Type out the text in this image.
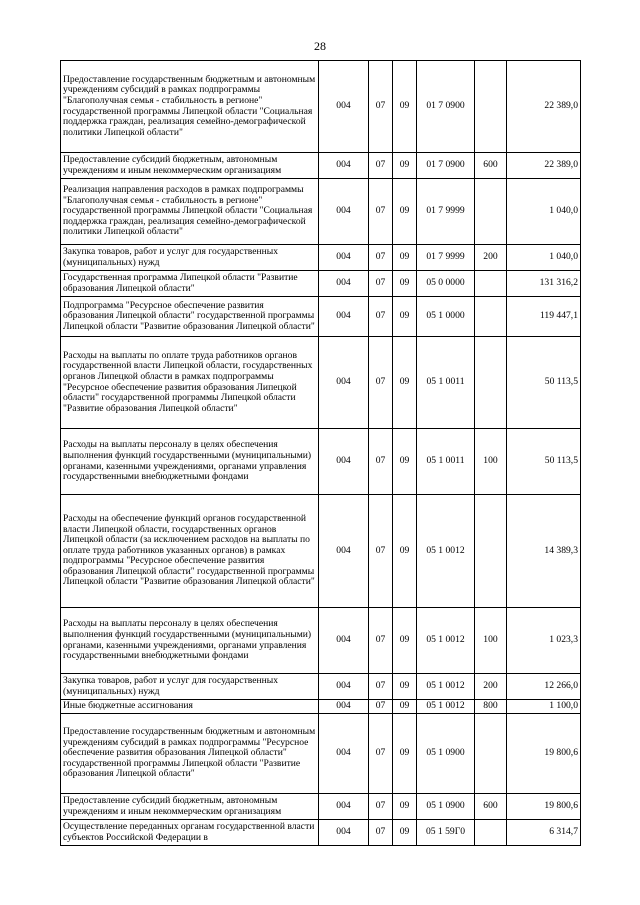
28
Предоставление государственным бюджетным и автономным учреждениям субсидий в рамках подпрограммы "Благополучная семья - стабильность в регионе" государственной программы Липецкой области "Социальная поддержка граждан, реализация семейно-демографической политики Липецкой области"	004	07	09	01 7 0900		22 389,0
Предоставление субсидий бюджетным, автономным учреждениям и иным некоммерческим организациям	004	07	09	01 7 0900	600	22 389,0
Реализация направления расходов в рамках подпрограммы "Благополучная семья - стабильность в регионе" государственной программы Липецкой области "Социальная поддержка граждан, реализация семейно-демографической политики Липецкой области"	004	07	09	01 7 9999		1 040,0
Закупка товаров, работ и услуг для государственных (муниципальных) нужд	004	07	09	01 7 9999	200	1 040,0
Государственная программа Липецкой области "Развитие образования Липецкой области"	004	07	09	05 0 0000		131 316,2
Подпрограмма "Ресурсное обеспечение развития образования Липецкой области" государственной программы Липецкой области "Развитие образования Липецкой области"	004	07	09	05 1 0000		119 447,1
Расходы на выплаты по оплате труда работников органов государственной власти Липецкой области, государственных органов Липецкой области в рамках подпрограммы "Ресурсное обеспечение развития образования Липецкой области" государственной программы Липецкой области "Развитие образования Липецкой области"	004	07	09	05 1 0011		50 113,5
Расходы на выплаты персоналу в целях обеспечения выполнения функций государственными (муниципальными) органами, казенными учреждениями, органами управления государственными внебюджетными фондами	004	07	09	05 1 0011	100	50 113,5
Расходы на обеспечение функций органов государственной власти Липецкой области, государственных органов Липецкой области (за исключением расходов на выплаты по оплате труда работников указанных органов) в рамках подпрограммы "Ресурсное обеспечение развития образования Липецкой области" государственной программы Липецкой области "Развитие образования Липецкой области"	004	07	09	05 1 0012		14 389,3
Расходы на выплаты персоналу в целях обеспечения выполнения функций государственными (муниципальными) органами, казенными учреждениями, органами управления государственными внебюджетными фондами	004	07	09	05 1 0012	100	1 023,3
Закупка товаров, работ и услуг для государственных (муниципальных) нужд	004	07	09	05 1 0012	200	12 266,0
Иные бюджетные ассигнования	004	07	09	05 1 0012	800	1 100,0
Предоставление государственным бюджетным и автономным учреждениям субсидий в рамках подпрограммы "Ресурсное обеспечение развития образования Липецкой области" государственной программы Липецкой области "Развитие образования Липецкой области"	004	07	09	05 1 0900		19 800,6
Предоставление субсидий бюджетным, автономным учреждениям и иным некоммерческим организациям	004	07	09	05 1 0900	600	19 800,6
Осуществление переданных органам государственной власти субъектов Российской Федерации в	004	07	09	05 1 59Г0		6 314,7
